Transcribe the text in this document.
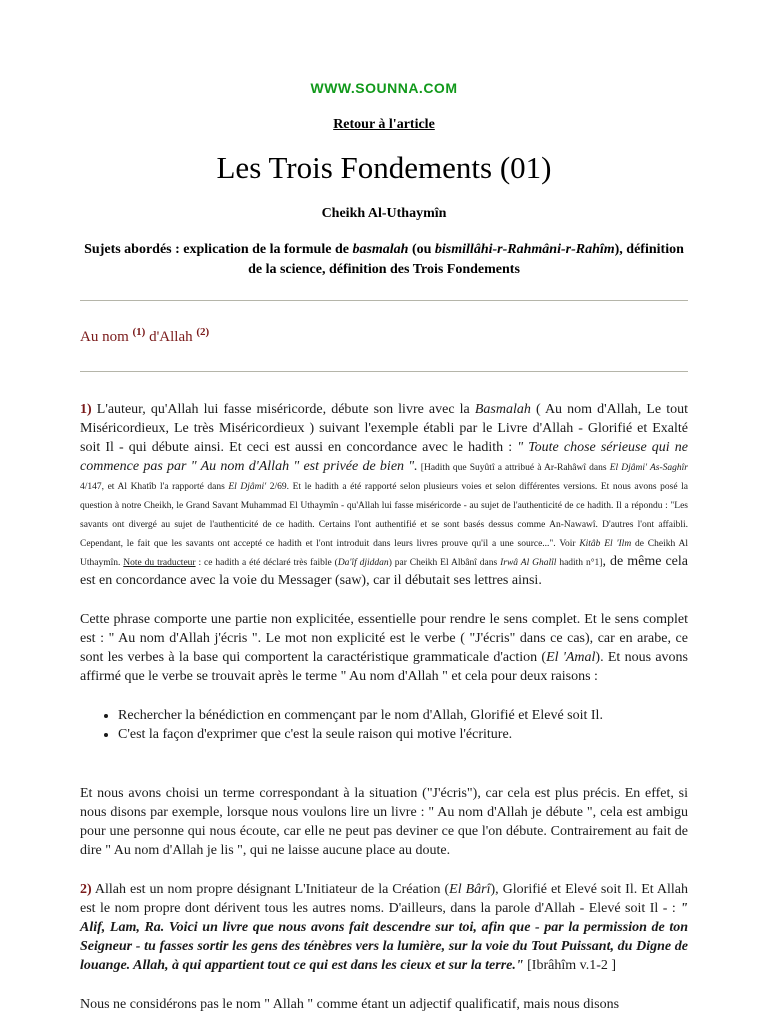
WWW.SOUNNA.COM
Retour à l'article
Les Trois Fondements (01)
Cheikh Al-Uthaymîn
Sujets abordés : explication de la formule de basmalah (ou bismillâhi-r-Rahmâni-r-Rahîm), définition de la science, définition des Trois Fondements
Au nom $^{(1)}$ d'Allah $^{(2)}$

1) L'auteur, qu'Allah lui fasse miséricorde, débute son livre avec la Basmalah ( Au nom d'Allah, Le tout Miséricordieux, Le très Miséricordieux ) suivant l'exemple établi par le Livre d'Allah - Glorifié et Exalté soit Il - qui débute ainsi. Et ceci est aussi en concordance avec le hadith : " Toute chose sérieuse qui ne commence pas par " Au nom d'Allah " est privée de bien ". [Hadith que Suyûtî a attribué à Ar-Rahâwî dans El Djâmi' As-Saghîr 4/147, et Al Khatîb l'a rapporté dans El Djâmi' 2/69. Et le hadith a été rapporté selon plusieurs voies et selon différentes versions. Et nous avons posé la question à notre Cheikh, le Grand Savant Muhammad El Uthaymîn - qu'Allah lui fasse miséricorde - au sujet de l'authenticité de ce hadith. Il a répondu : "Les savants ont divergé au sujet de l'authenticité de ce hadith. Certains l'ont authentifié et se sont basés dessus comme An-Nawawî. D'autres l'ont affaibli. Cependant, le fait que les savants ont accepté ce hadith et l'ont introduit dans leurs livres prouve qu'il a une source...". Voir Kitâb El 'Ilm de Cheikh Al Uthaymîn. Note du traducteur : ce hadith a été déclaré très faible (Da'îf djiddan) par Cheikh El Albânî dans Irwâ Al Ghalîl hadith n°1], de même cela est en concordance avec la voie du Messager (saw), car il débutait ses lettres ainsi.

Cette phrase comporte une partie non explicitée, essentielle pour rendre le sens complet. Et le sens complet est : " Au nom d'Allah j'écris ". Le mot non explicité est le verbe ( "J'écris" dans ce cas), car en arabe, ce sont les verbes à la base qui comportent la caractéristique grammaticale d'action (El 'Amal). Et nous avons affirmé que le verbe se trouvait après le terme " Au nom d'Allah " et cela pour deux raisons :

• Rechercher la bénédiction en commençant par le nom d'Allah, Glorifié et Elevé soit Il.
• C'est la façon d'exprimer que c'est la seule raison qui motive l'écriture.

Et nous avons choisi un terme correspondant à la situation ("J'écris"), car cela est plus précis. En effet, si nous disons par exemple, lorsque nous voulons lire un livre : " Au nom d'Allah je débute ", cela est ambigu pour une personne qui nous écoute, car elle ne peut pas deviner ce que l'on débute. Contrairement au fait de dire " Au nom d'Allah je lis ", qui ne laisse aucune place au doute.

2) Allah est un nom propre désignant L'Initiateur de la Création (El Bârî), Glorifié et Elevé soit Il. Et Allah est le nom propre dont dérivent tous les autres noms. D'ailleurs, dans la parole d'Allah - Elevé soit Il - : " Alif, Lam, Ra. Voici un livre que nous avons fait descendre sur toi, afin que - par la permission de ton Seigneur - tu fasses sortir les gens des ténèbres vers la lumière, sur la voie du Tout Puissant, du Digne de louange. Allah, à qui appartient tout ce qui est dans les cieux et sur la terre." [Ibrâhîm v.1-2 ]

Nous ne considérons pas le nom " Allah " comme étant un adjectif qualificatif, mais nous disons
